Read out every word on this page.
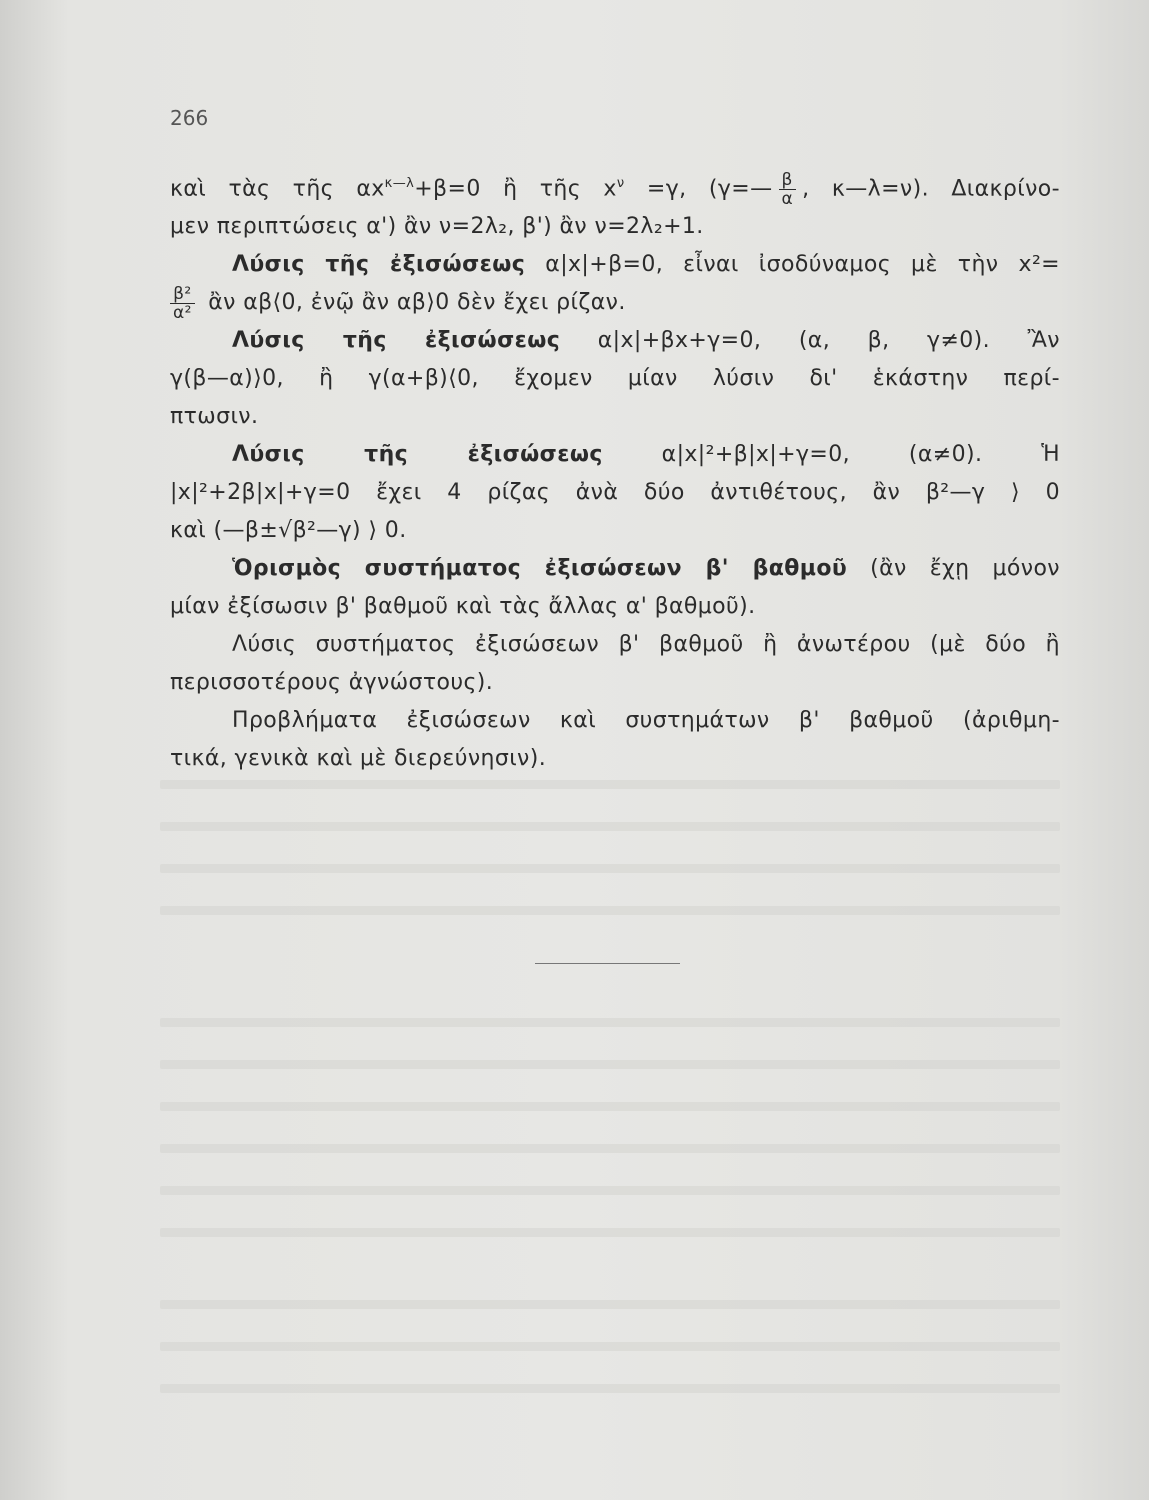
266
καὶ τὰς τῆς $\alpha x^{\kappa—\lambda}+\beta=0$ ἢ τῆς $x^\nu =\gamma$, (γ=— $\frac{\beta}{\alpha}$ , κ—λ=ν). Διακρίνο-
μεν περιπτώσεις α') ἂν ν=2λ₂, β') ἂν ν=2λ₂+1.
Λύσις τῆς ἐξισώσεως α|x|+β=0, εἶναι ἰσοδύναμος μὲ τὴν x²=
$\frac{\text{β²}}{\text{α²}}$ ἂν αβ⟨0, ἐνῷ ἂν αβ⟩0 δὲν ἔχει ρίζαν.
Λύσις τῆς ἐξισώσεως α|x|+βx+γ=0, (α, β, γ≠0). Ἂν
γ(β—α)⟩0, ἢ γ(α+β)⟨0, ἔχομεν μίαν λύσιν δι' ἑκάστην περί-
πτωσιν.
Λύσις τῆς ἐξισώσεως α|x|²+β|x|+γ=0, (α≠0). Ἡ
|x|²+2β|x|+γ=0 ἔχει 4 ρίζας ἀνὰ δύο ἀντιθέτους, ἂν β²—γ ⟩ 0
καὶ (—β±√β²—γ) ⟩ 0.
Ὁρισμὸς συστήματος ἐξισώσεων β' βαθμοῦ (ἂν ἔχῃ μόνον
μίαν ἐξίσωσιν β' βαθμοῦ καὶ τὰς ἄλλας α' βαθμοῦ).
Λύσις συστήματος ἐξισώσεων β' βαθμοῦ ἢ ἀνωτέρου (μὲ δύο ἢ
περισσοτέρους ἀγνώστους).
Προβλήματα ἐξισώσεων καὶ συστημάτων β' βαθμοῦ (ἀριθμη-
τικά, γενικὰ καὶ μὲ διερεύνησιν).
